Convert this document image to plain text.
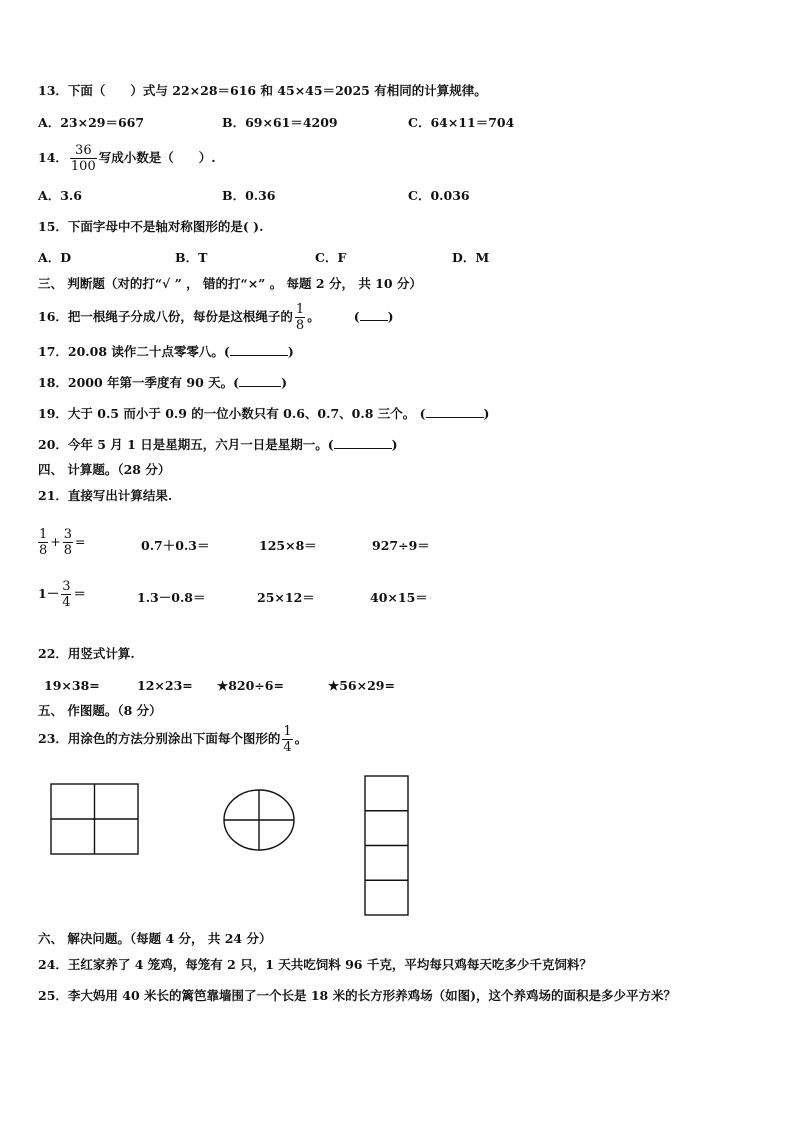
13．下面（　　）式与 22×28＝616 和 45×45＝2025 有相同的计算规律。
A．23×29＝667	B．69×61＝4209	C．64×11＝704
14． $\frac{36}{100}$ 写成小数是（　　）.
A．3.6	B．0.36	C．0.036
15．下面字母中不是轴对称图形的是( ).
A．D	B．T	C．F	D．M
三、 判断题（对的打“√ ” ， 错的打“×” 。 每题 2 分， 共 10 分）
16．把一根绳子分成八份，每份是这根绳子的 $\frac{1}{8}$ 。	( )
17．20.08 读作二十点零零八。(	)
18．2000 年第一季度有 90 天。(	)
19．大于 0.5 而小于 0.9 的一位小数只有 0.6、0.7、0.8 三个。 (	)
20．今年 5 月 1 日是星期五，六月一日是星期一。(	)
四、 计算题。（28 分）
21．直接写出计算结果.
$\frac{1}{8} + \frac{3}{8}$ =	0.7＋0.3＝	125×8＝	927÷9＝
$1- \frac{3}{4}$ ＝	1.3－0.8＝	25×12＝	40×15＝
22．用竖式计算.
19×38=	12×23= ★820÷6=	★56×29=
五、 作图题。（8 分）
23．用涂色的方法分别涂出下面每个图形的 $\frac{1}{4}$ 。
六、 解决问题。（每题 4 分， 共 24 分）
24．王红家养了 4 笼鸡，每笼有 2 只，1 天共吃饲料 96 千克，平均每只鸡每天吃多少千克饲料？
25．李大妈用 40 米长的篱笆靠墙围了一个长是 18 米的长方形养鸡场（如图)，这个养鸡场的面积是多少平方米？
